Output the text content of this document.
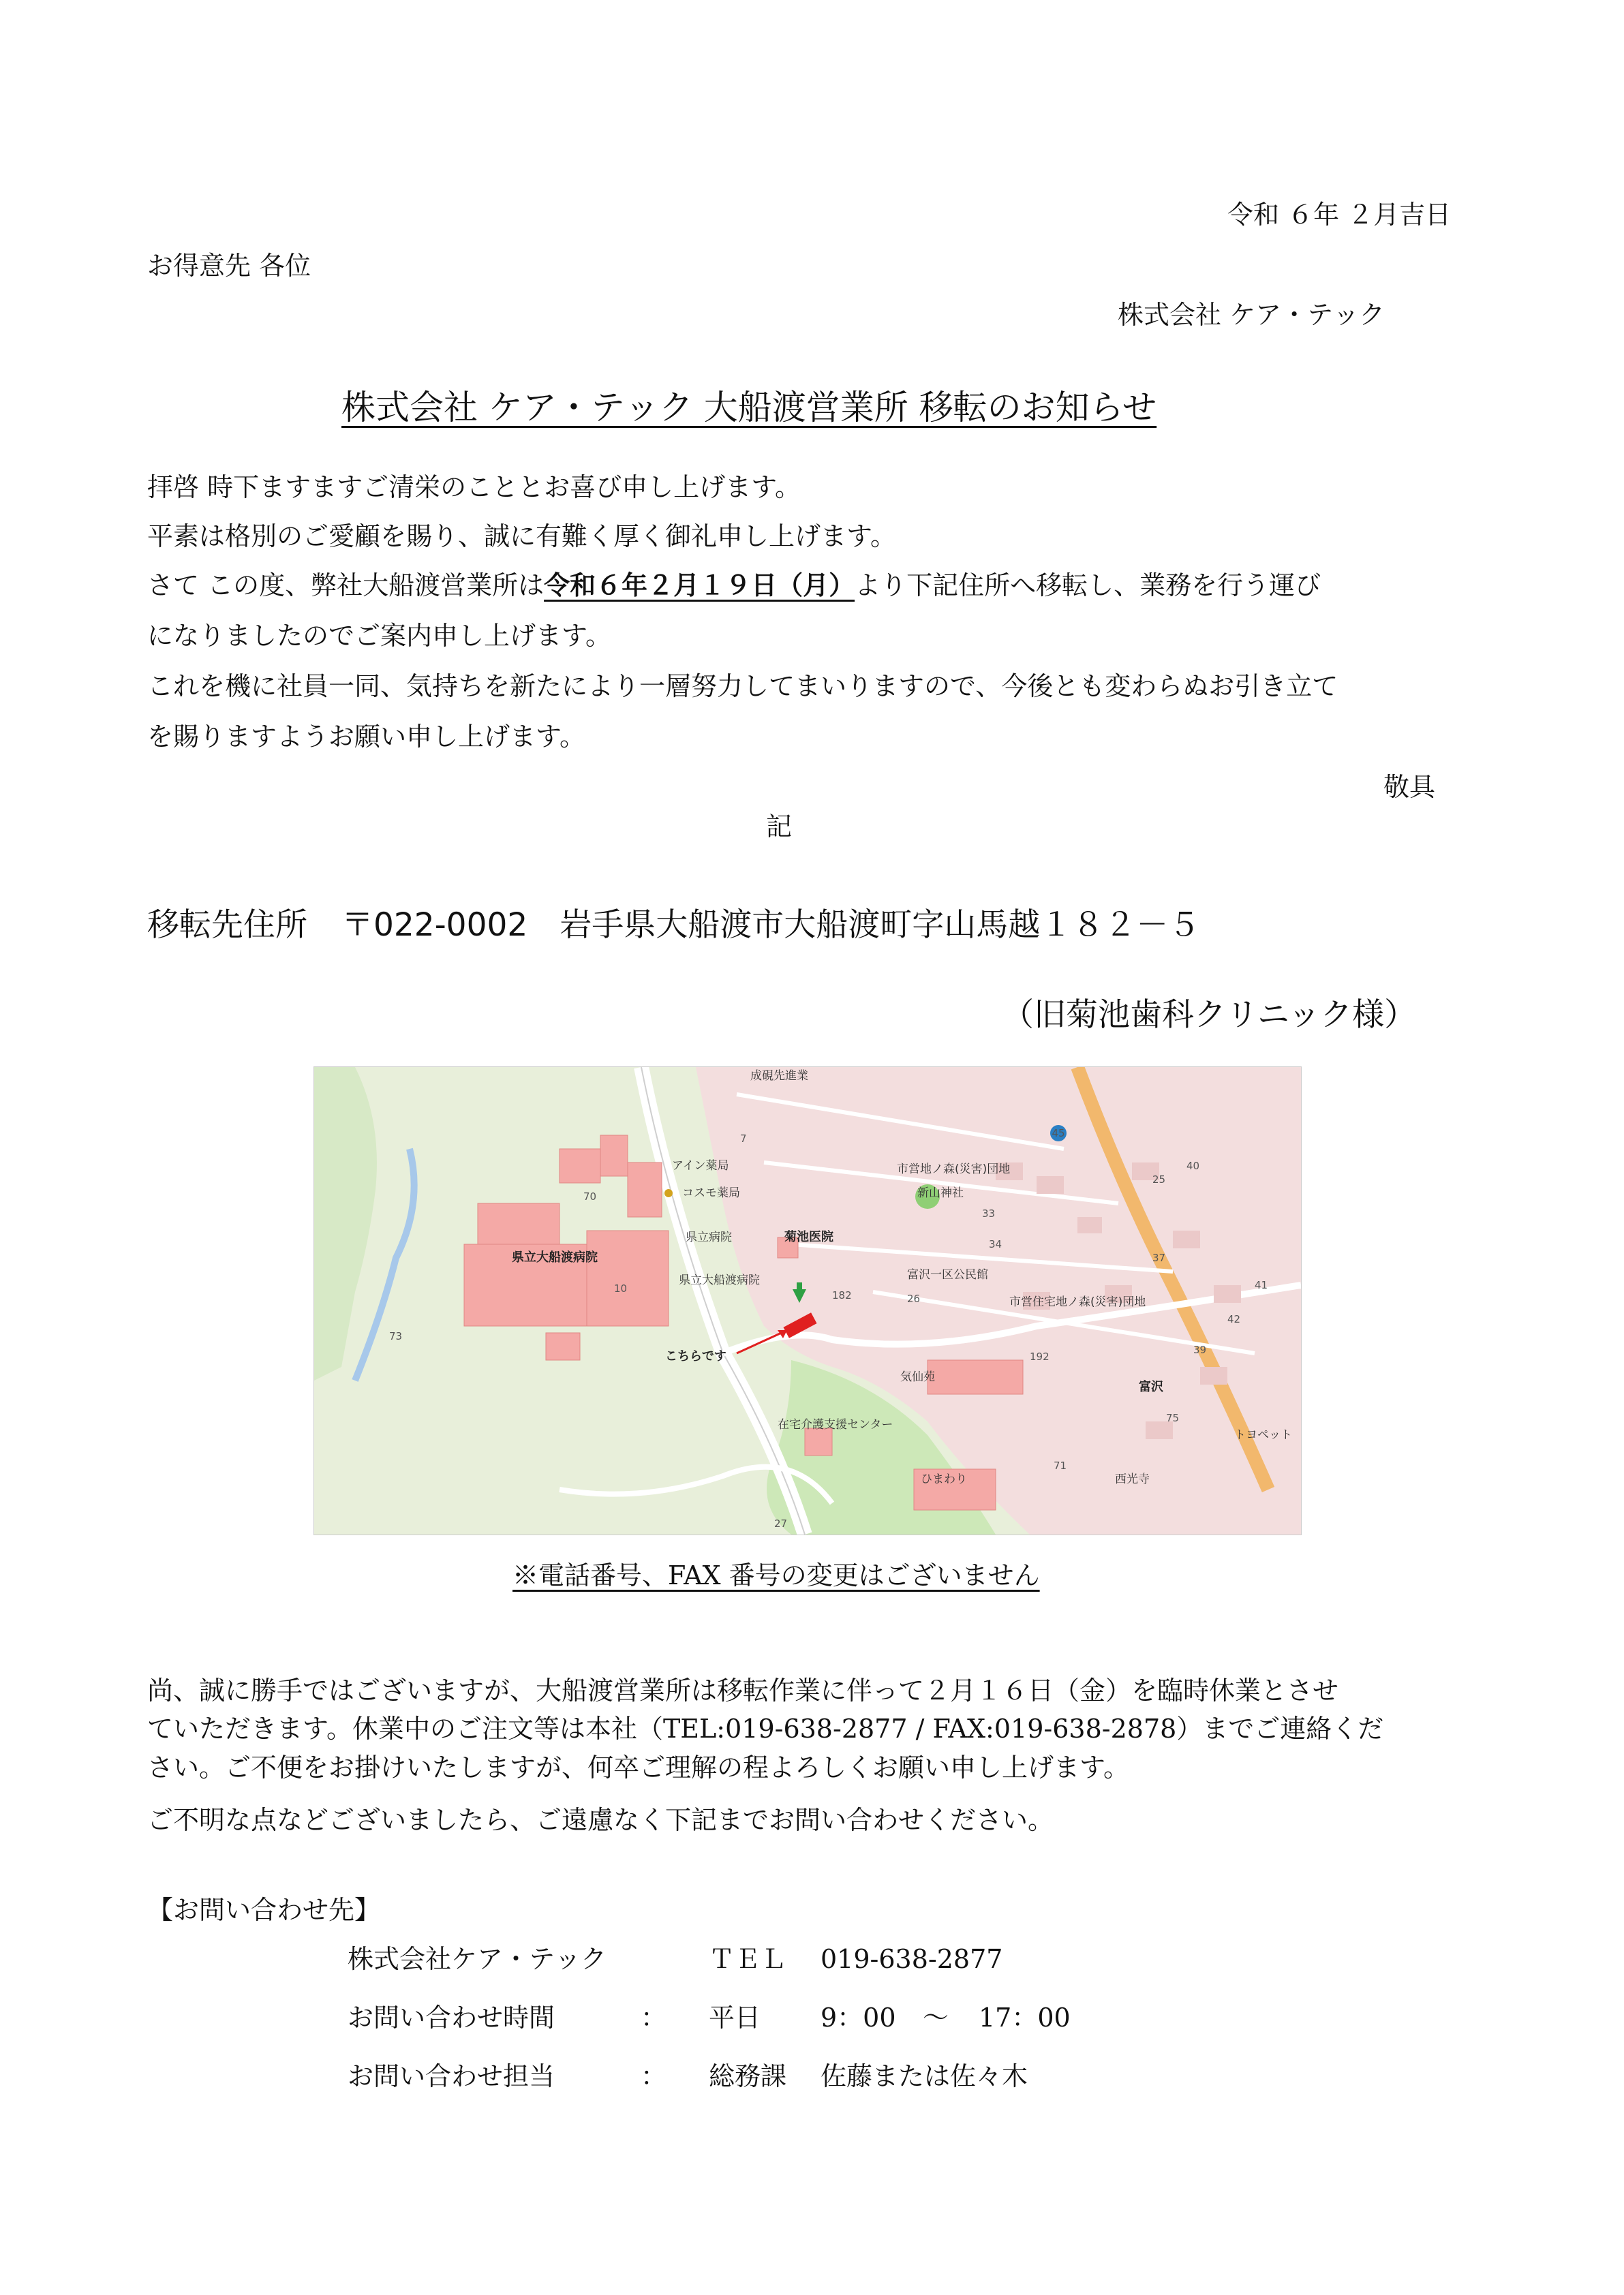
令和 ６年 ２月吉日
お得意先 各位
株式会社 ケア・テック
株式会社 ケア・テック 大船渡営業所 移転のお知らせ
拝啓 時下ますますご清栄のこととお喜び申し上げます。
平素は格別のご愛顧を賜り、誠に有難く厚く御礼申し上げます。
さて この度、弊社大船渡営業所は令和６年２月１９日（月）より下記住所へ移転し、業務を行う運び
になりましたのでご案内申し上げます。
これを機に社員一同、気持ちを新たにより一層努力してまいりますので、今後とも変わらぬお引き立て
を賜りますようお願い申し上げます。
敬具
記
移転先住所 〒022-0002　岩手県大船渡市大船渡町字山馬越１８２－５
（旧菊池歯科クリニック様）
45
成硯先進業
アイン薬局
コスモ薬局
県立病院
県立大船渡病院
県立大船渡病院
菊池医院
こちらです
気仙苑
在宅介護支援センター
ひまわり
市営地ノ森(災害)団地
新山神社
富沢一区公民館
市営住宅地ノ森(災害)団地
富沢
トヨペット
西光寺
70
10
73
182
192
33
34
26
25
37
39
40
41
42
75
71
27
7
※電話番号、FAX 番号の変更はございません
尚、誠に勝手ではございますが、大船渡営業所は移転作業に伴って２月１６日（金）を臨時休業とさせ
ていただきます。休業中のご注文等は本社（TEL:019-638-2877 / FAX:019-638-2878）までご連絡くだ
さい。ご不便をお掛けいたしますが、何卒ご理解の程よろしくお願い申し上げます。
ご不明な点などございましたら、ご遠慮なく下記までお問い合わせください。
【お問い合わせ先】
株式会社ケア・テック	ＴＥＬ 019-638-2877
お問い合わせ時間	： 平日 9：00 ～ 17：00
お問い合わせ担当	： 総務課 佐藤または佐々木
